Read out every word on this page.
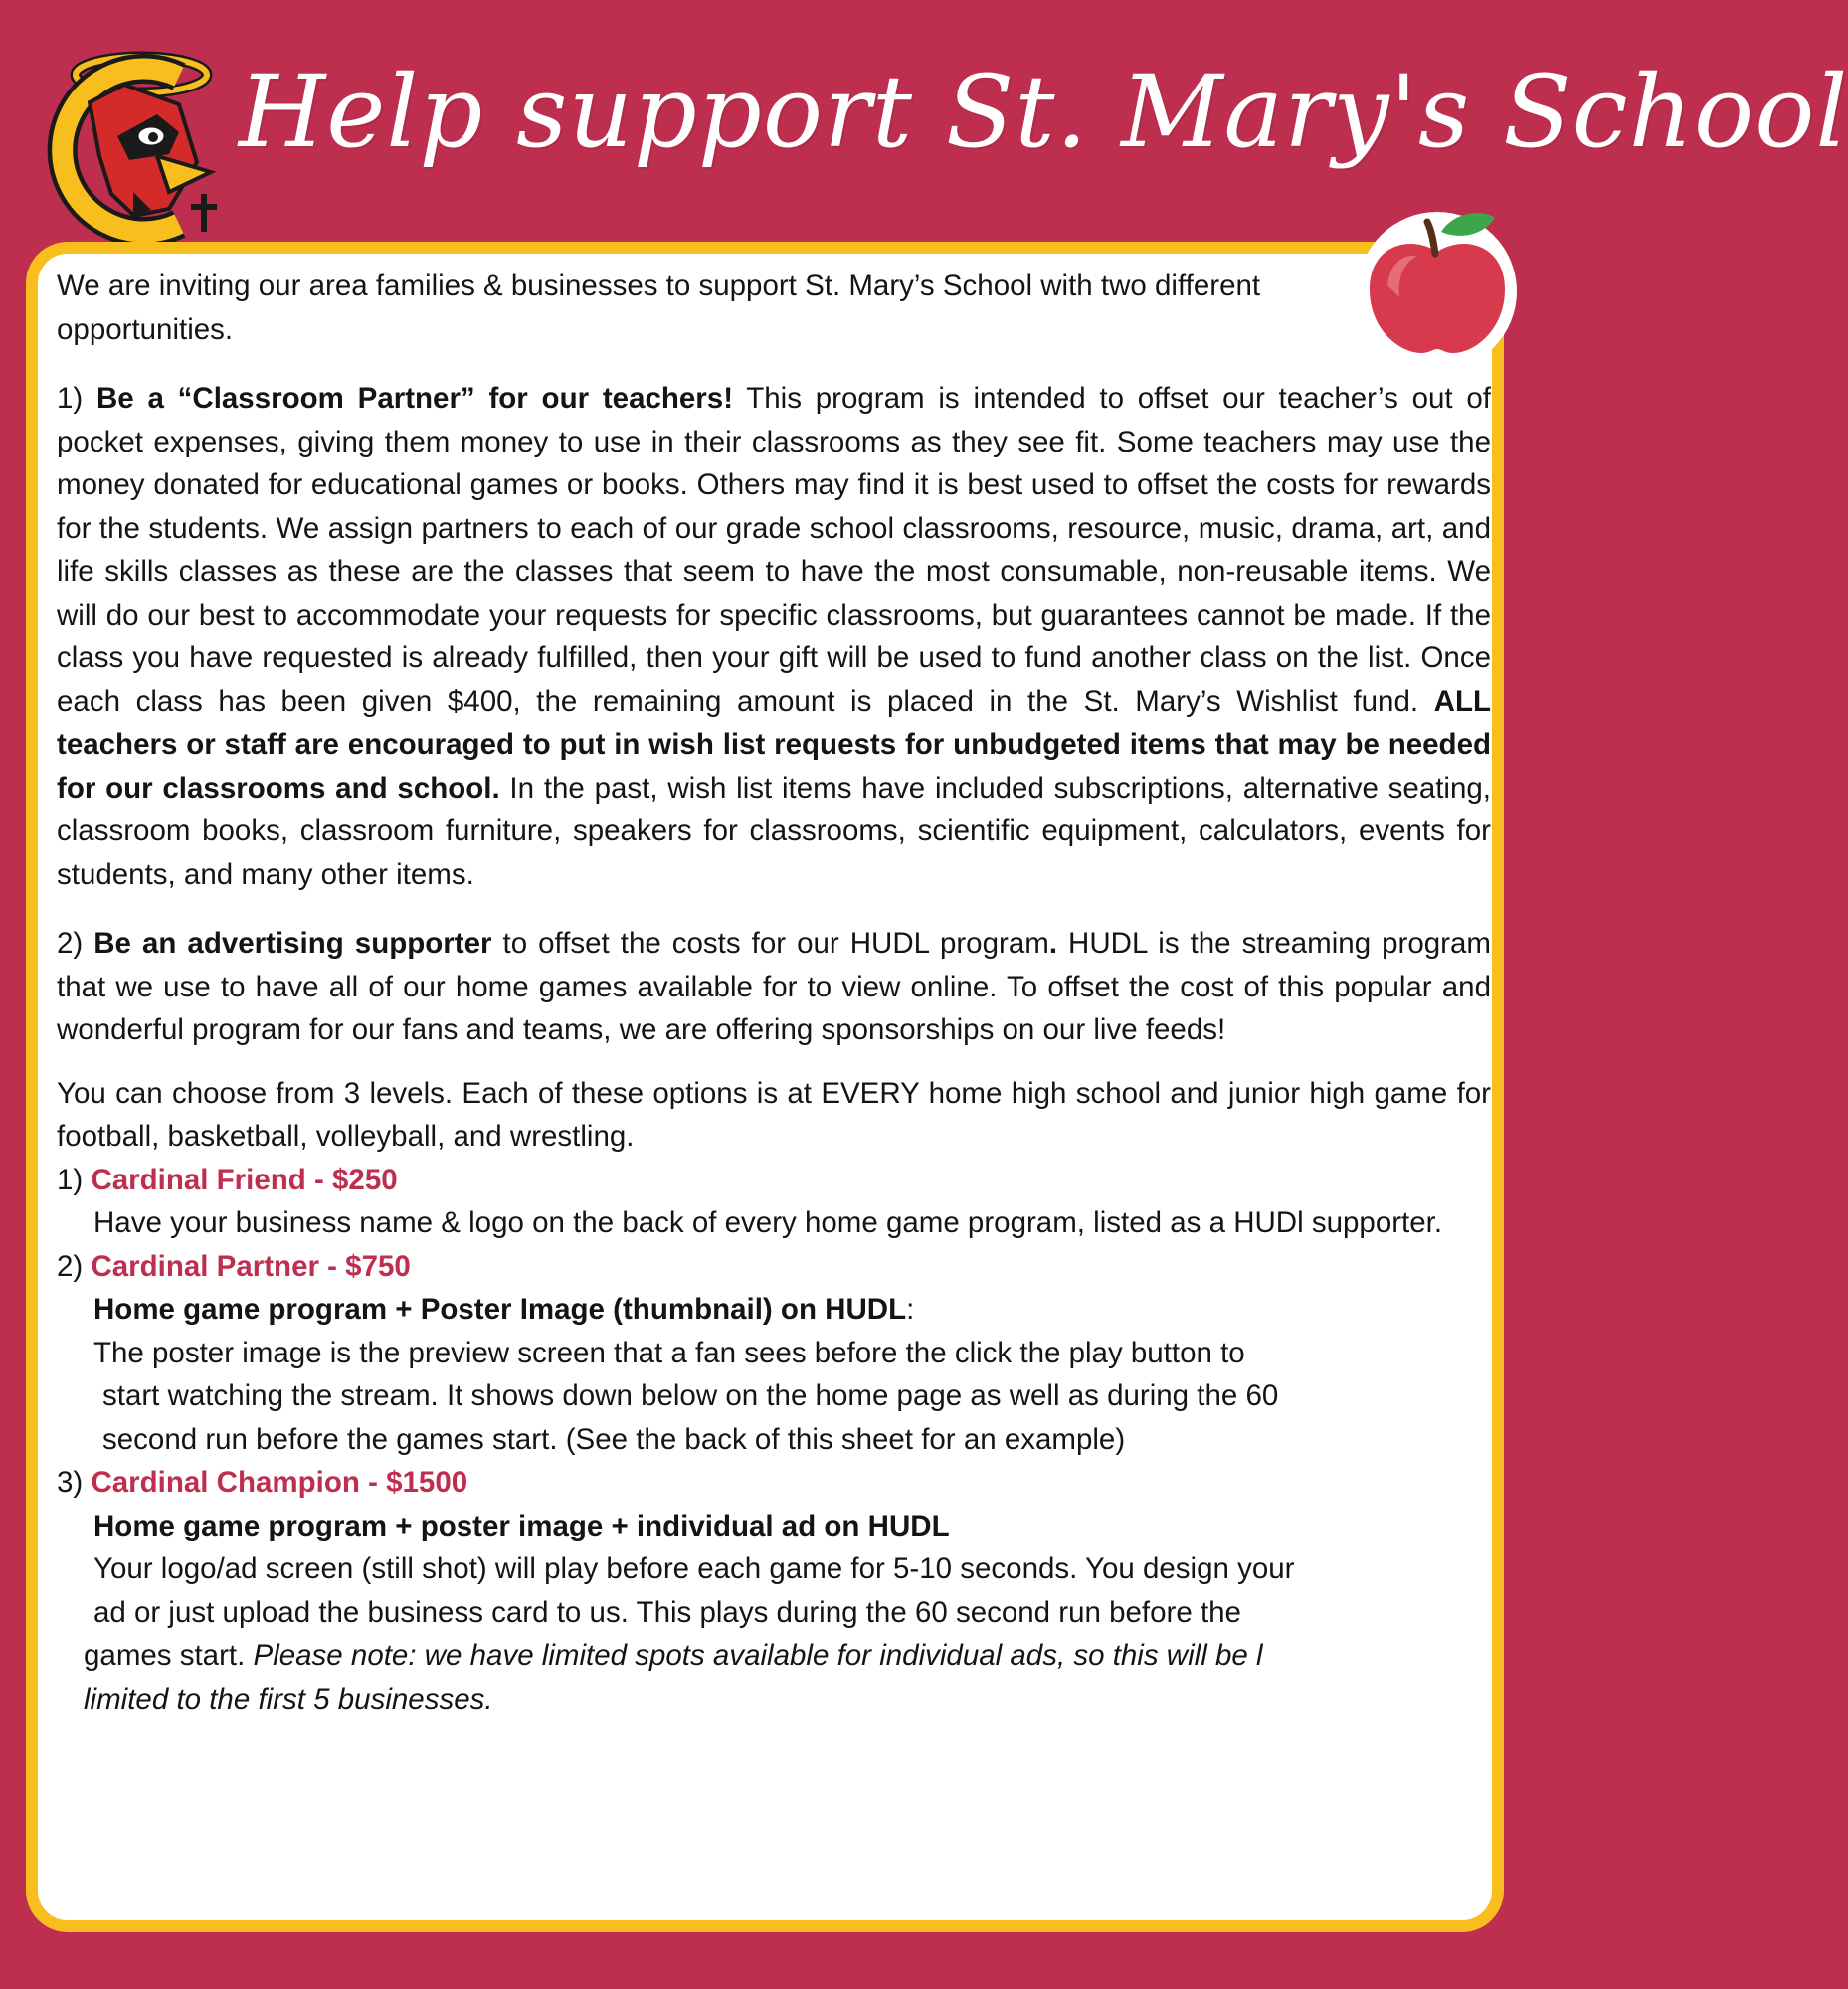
Help support St. Mary's School

We are inviting our area families & businesses to support St. Mary’s School with two different opportunities.

1) Be a “Classroom Partner” for our teachers! This program is intended to offset our teacher’s out of pocket expenses, giving them money to use in their classrooms as they see fit. Some teachers may use the money donated for educational games or books. Others may find it is best used to offset the costs for rewards for the students. We assign partners to each of our grade school classrooms, resource, music, drama, art, and life skills classes as these are the classes that seem to have the most consumable, non-reusable items. We will do our best to accommodate your requests for specific classrooms, but guarantees cannot be made. If the class you have requested is already fulfilled, then your gift will be used to fund another class on the list. Once each class has been given $400, the remaining amount is placed in the St. Mary’s Wishlist fund. ALL teachers or staff are encouraged to put in wish list requests for unbudgeted items that may be needed for our classrooms and school. In the past, wish list items have included subscriptions, alternative seating, classroom books, classroom furniture, speakers for classrooms, scientific equipment, calculators, events for students, and many other items.

2) Be an advertising supporter to offset the costs for our HUDL program. HUDL is the streaming program that we use to have all of our home games available for to view online. To offset the cost of this popular and wonderful program for our fans and teams, we are offering sponsorships on our live feeds!

You can choose from 3 levels. Each of these options is at EVERY home high school and junior high game for football, basketball, volleyball, and wrestling.

1) Cardinal Friend - $250

Have your business name & logo on the back of every home game program, listed as a HUDl supporter.

2) Cardinal Partner - $750

Home game program + Poster Image (thumbnail) on HUDL:

The poster image is the preview screen that a fan sees before the click the play button to

start watching the stream. It shows down below on the home page as well as during the 60

second run before the games start. (See the back of this sheet for an example)

3) Cardinal Champion - $1500

Home game program + poster image + individual ad on HUDL

Your logo/ad screen (still shot) will play before each game for 5-10 seconds. You design your

ad or just upload the business card to us. This plays during the 60 second run before the

games start. Please note: we have limited spots available for individual ads, so this will be l

limited to the first 5 businesses.
